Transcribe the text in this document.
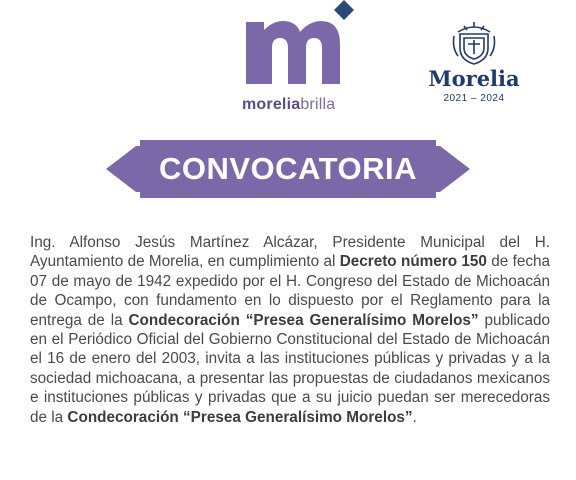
moreliabrilla
Morelia
2021 – 2024
CONVOCATORIA
Ing. Alfonso Jesús Martínez Alcázar, Presidente Municipal del H. Ayuntamiento de Morelia, en cumplimiento al Decreto número 150 de fecha 07 de mayo de 1942 expedido por el H. Congreso del Estado de Michoacán de Ocampo, con fundamento en lo dispuesto por el Reglamento para la entrega de la Condecoración “Presea Generalísimo Morelos” publicado en el Periódico Oficial del Gobierno Constitucional del Estado de Michoacán el 16 de enero del 2003, invita a las instituciones públicas y privadas y a la sociedad michoacana, a presentar las propuestas de ciudadanos mexicanos e instituciones públicas y privadas que a su juicio puedan ser merecedoras de la Condecoración “Presea Generalísimo Morelos”.
